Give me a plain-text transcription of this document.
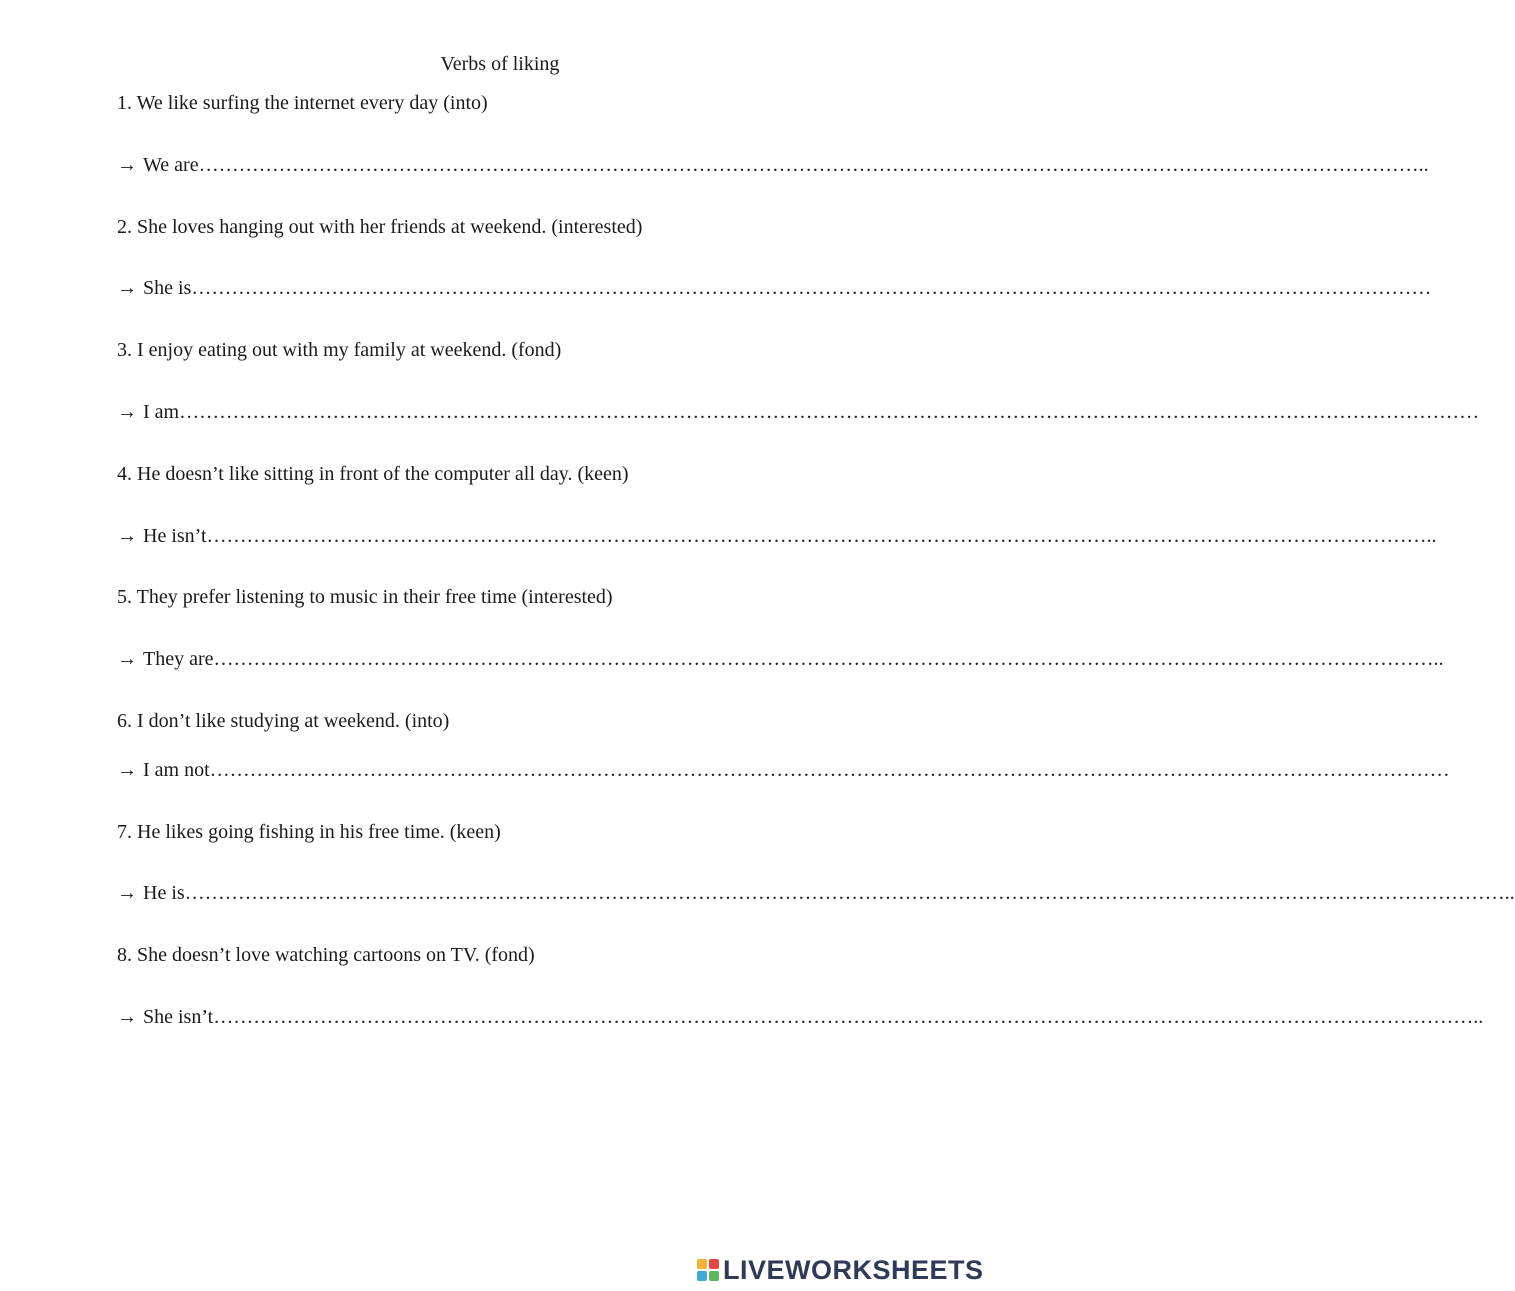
Verbs of liking
1. We like surfing the internet every day (into)
→ We are…………………………………………………………………………………………………………………………………………………………………..
2. She loves hanging out with her friends at weekend. (interested)
→ She is……………………………………………………………………………………………………………………………………………………………………
3. I enjoy eating out with my family at weekend. (fond)
→ I am……………………………………………………………………………………………………………………………………………………………………………
4. He doesn’t like sitting in front of the computer all day. (keen)
→ He isn’t…………………………………………………………………………………………………………………………………………………………………..
5. They prefer listening to music in their free time (interested)
→ They are…………………………………………………………………………………………………………………………………………………………………..
6. I don’t like studying at weekend. (into)
→ I am not……………………………………………………………………………………………………………………………………………………………………
7. He likes going fishing in his free time. (keen)
→ He is………………………………………………………………………………………………………………………………………………………………………………..
8. She doesn’t love watching cartoons on TV. (fond)
→ She isn’t………………………………………………………………………………………………………………………………………………………………………..
LIVEWORKSHEETS
